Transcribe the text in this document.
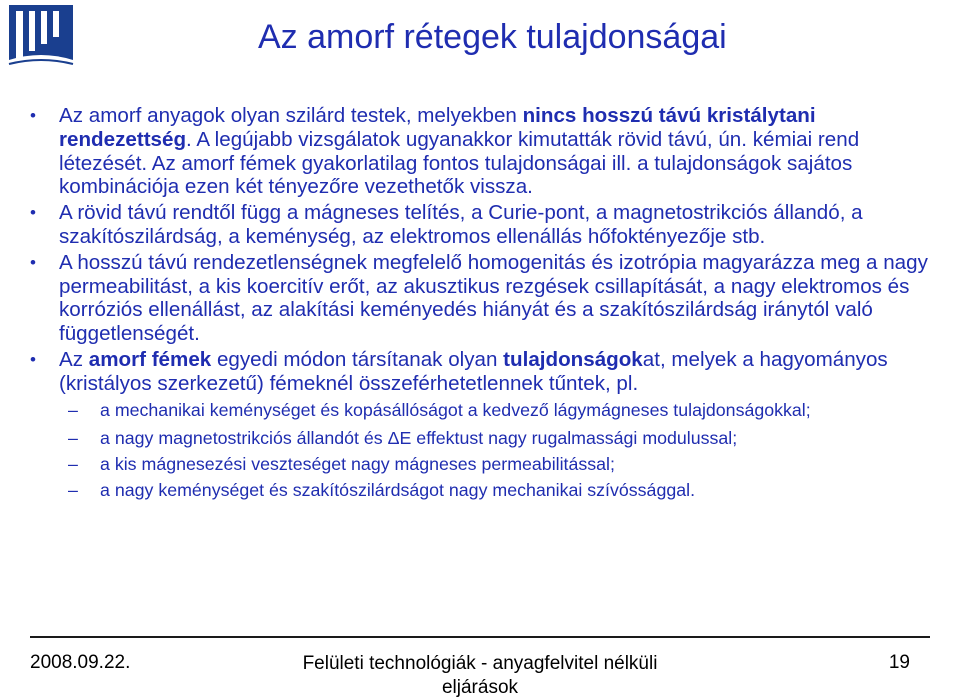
Az amorf rétegek tulajdonságai
• Az amorf anyagok olyan szilárd testek, melyekben nincs hosszú távú kristálytani rendezettség. A legújabb vizsgálatok ugyanakkor kimutatták rövid távú, ún. kémiai rend létezését. Az amorf fémek gyakorlatilag fontos tulajdonságai ill. a tulajdonságok sajátos kombinációja ezen két tényezőre vezethetők vissza.
• A rövid távú rendtől függ a mágneses telítés, a Curie-pont, a magnetostrikciós állandó, a szakítószilárdság, a keménység, az elektromos ellenállás hőfoktényezője stb.
• A hosszú távú rendezetlenségnek megfelelő homogenitás és izotrópia magyarázza meg a nagy permeabilitást, a kis koercitív erőt, az akusztikus rezgések csillapítását, a nagy elektromos és korróziós ellenállást, az alakítási keményedés hiányát és a szakítószilárdság iránytól való függetlenségét.
• Az amorf fémek egyedi módon társítanak olyan tulajdonságokat, melyek a hagyományos (kristályos szerkezetű) fémeknél összeférhetetlennek tűntek, pl.
– a mechanikai keménységet és kopásállóságot a kedvező lágymágneses tulajdonságokkal;
– a nagy magnetostrikciós állandót és ΔE effektust nagy rugalmassági modulussal;
– a kis mágnesezési veszteséget nagy mágneses permeabilitással;
– a nagy keménységet és szakítószilárdságot nagy mechanikai szívóssággal.
2008.09.22.	Felületi technológiák - anyagfelvitel nélküli eljárások
19
